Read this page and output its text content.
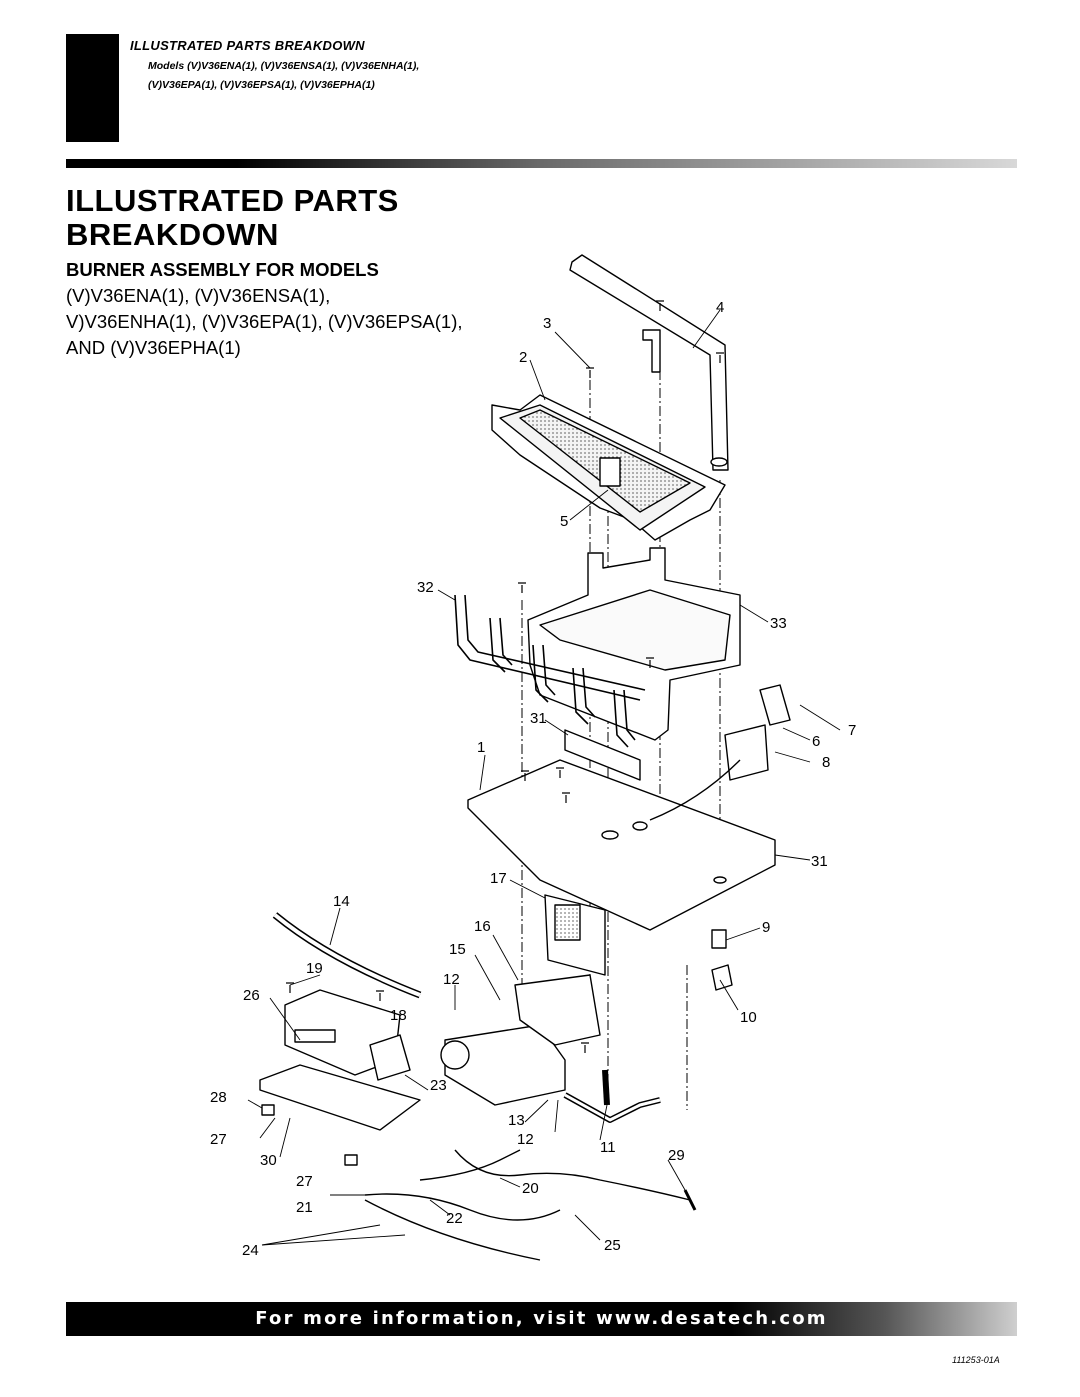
ILLUSTRATED PARTS BREAKDOWN
Models (V)V36ENA(1), (V)V36ENSA(1), (V)V36ENHA(1),
(V)V36EPA(1), (V)V36EPSA(1), (V)V36EPHA(1)
ILLUSTRATED PARTS
BREAKDOWN
BURNER ASSEMBLY FOR MODELS
(V)V36ENA(1), (V)V36ENSA(1),
V)V36ENHA(1), (V)V36EPA(1), (V)V36EPSA(1),
AND (V)V36EPHA(1)
4
3
2
5
32
33
31
7
6
1
8
31
17
14
16	9
15
19
12
26
18	10
23
28
13
27	12	11	29
30
27	20
21
22
25
24
For more information, visit www.desatech.com
111253-01A
